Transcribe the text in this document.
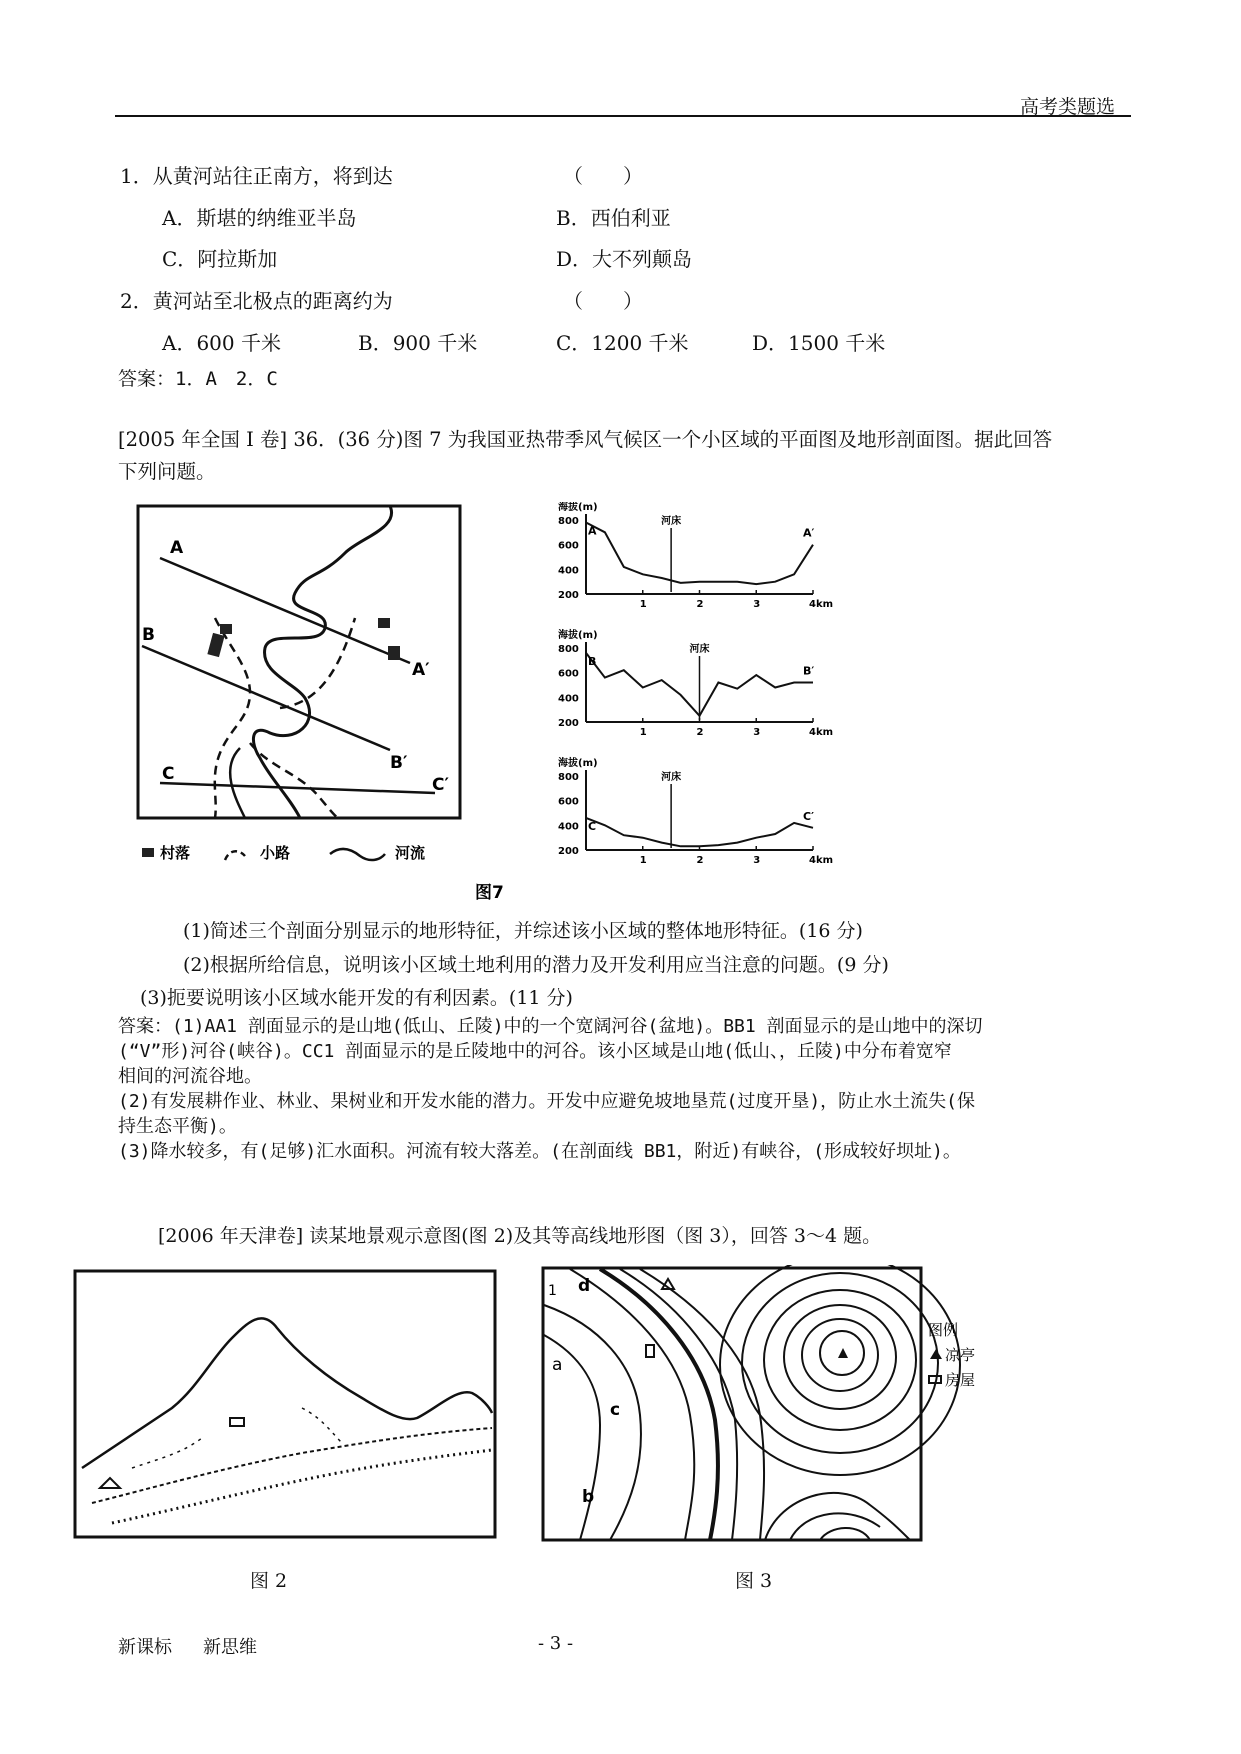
高考类题选
1．从黄河站往正南方，将到达	（　　）
A．斯堪的纳维亚半岛	B．西伯利亚
C．阿拉斯加	D．大不列颠岛
2．黄河站至北极点的距离约为	（　　）
A．600 千米	B．900 千米	C．1200 千米	D．1500 千米
答案：1．A　2．C
[2005 年全国 I 卷] 36．(36 分)图 7 为我国亚热带季风气候区一个小区域的平面图及地形剖面图。据此回答
下列问题。
A
A′
B
B′
C
C′
村落	小路	河流
图7
海拔(m)
800
600
400
200
1	2	3	4km
A	A′
河床
海拔(m)
800
600
400
200
1	2	3	4km
B
B′
河床
海拔(m)
800
600
400
200
1	2	3	4km
C
C′
河床
(1)简述三个剖面分别显示的地形特征，并综述该小区域的整体地形特征。(16 分)
(2)根据所给信息，说明该小区域土地利用的潜力及开发利用应当注意的问题。(9 分)
(3)扼要说明该小区域水能开发的有利因素。(11 分)
答案：(1)AA1 剖面显示的是山地(低山、丘陵)中的一个宽阔河谷(盆地)。BB1 剖面显示的是山地中的深切
(“V”形)河谷(峡谷)。CC1 剖面显示的是丘陵地中的河谷。该小区域是山地(低山、，丘陵)中分布着宽窄
相间的河流谷地。
(2)有发展耕作业、林业、果树业和开发水能的潜力。开发中应避免坡地垦荒(过度开垦)，防止水土流失(保
持生态平衡)。
(3)降水较多，有(足够)汇水面积。河流有较大落差。(在剖面线 BB1，附近)有峡谷，(形成较好坝址)。
[2006 年天津卷] 读某地景观示意图(图 2)及其等高线地形图（图 3），回答 3～4 题。
图 2
a
b
c
d
1
图例
凉亭
房屋
图 3
新课标 新思维	- 3 -
